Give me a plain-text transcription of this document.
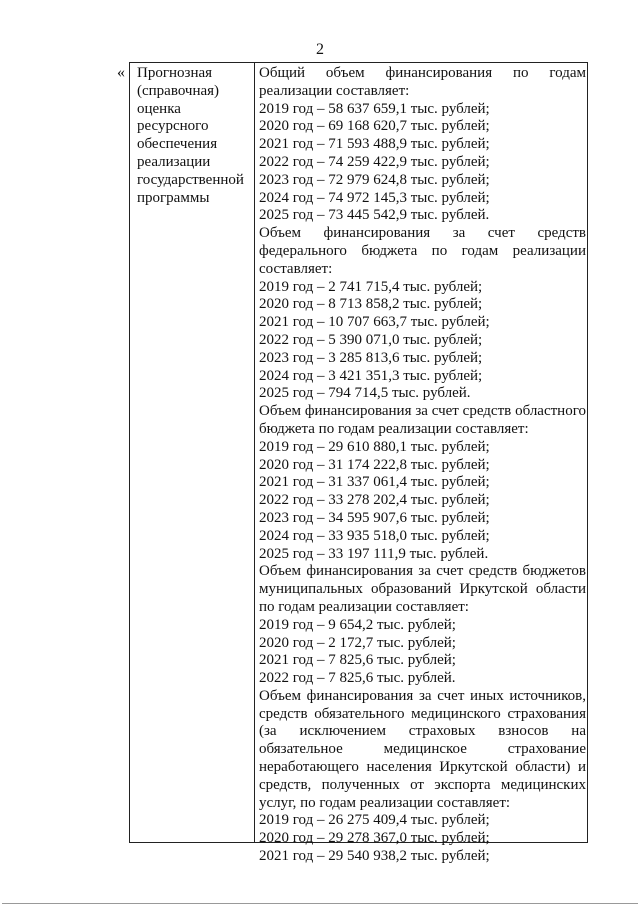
2
« Прогнозная
(справочная)
оценка
ресурсного
обеспечения
реализации
государственной
программы
Общий объем финансирования по годам
реализации составляет:
2019 год – 58 637 659,1 тыс. рублей;
2020 год – 69 168 620,7 тыс. рублей;
2021 год – 71 593 488,9 тыс. рублей;
2022 год – 74 259 422,9 тыс. рублей;
2023 год – 72 979 624,8 тыс. рублей;
2024 год – 74 972 145,3 тыс. рублей;
2025 год – 73 445 542,9 тыс. рублей.
Объем финансирования за счет средств
федерального бюджета по годам реализации
составляет:
2019 год – 2 741 715,4 тыс. рублей;
2020 год – 8 713 858,2 тыс. рублей;
2021 год – 10 707 663,7 тыс. рублей;
2022 год – 5 390 071,0 тыс. рублей;
2023 год – 3 285 813,6 тыс. рублей;
2024 год – 3 421 351,3 тыс. рублей;
2025 год – 794 714,5 тыс. рублей.
Объем финансирования за счет средств областного
бюджета по годам реализации составляет:
2019 год – 29 610 880,1 тыс. рублей;
2020 год – 31 174 222,8 тыс. рублей;
2021 год – 31 337 061,4 тыс. рублей;
2022 год – 33 278 202,4 тыс. рублей;
2023 год – 34 595 907,6 тыс. рублей;
2024 год – 33 935 518,0 тыс. рублей;
2025 год – 33 197 111,9 тыс. рублей.
Объем финансирования за счет средств бюджетов
муниципальных образований Иркутской области
по годам реализации составляет:
2019 год – 9 654,2 тыс. рублей;
2020 год – 2 172,7 тыс. рублей;
2021 год – 7 825,6 тыс. рублей;
2022 год – 7 825,6 тыс. рублей.
Объем финансирования за счет иных источников,
средств обязательного медицинского страхования
(за исключением страховых взносов на
обязательное медицинское страхование
неработающего населения Иркутской области) и
средств, полученных от экспорта медицинских
услуг, по годам реализации составляет:
2019 год – 26 275 409,4 тыс. рублей;
2020 год – 29 278 367,0 тыс. рублей;
2021 год – 29 540 938,2 тыс. рублей;
